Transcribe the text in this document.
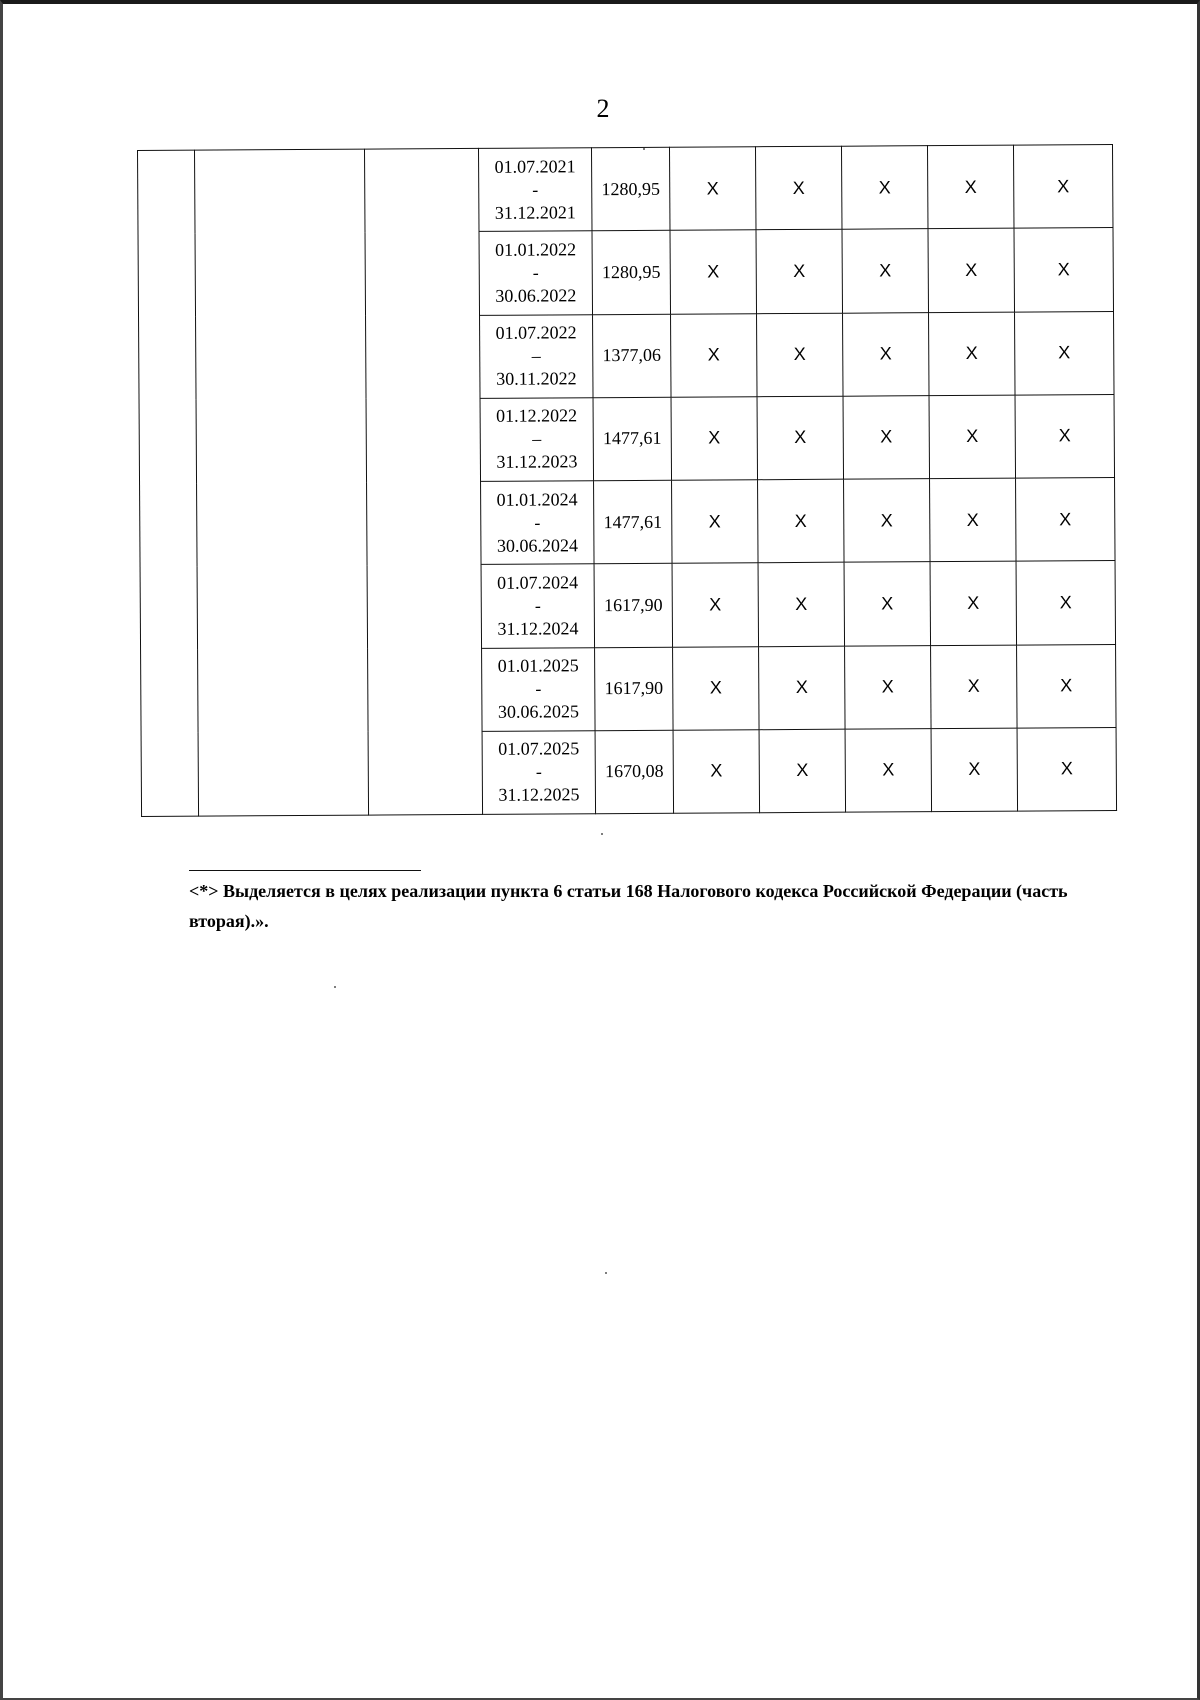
2

			01.07.2021
-
31.12.2021	1280,95	X	X	X	X	X

			01.01.2022
-
30.06.2022	1280,95	X	X	X	X	X

			01.07.2022
–
30.11.2022	1377,06	X	X	X	X	X

			01.12.2022
–
31.12.2023	1477,61	X	X	X	X	X

			01.01.2024
-
30.06.2024	1477,61	X	X	X	X	X

			01.07.2024
-
31.12.2024	1617,90	X	X	X	X	X

			01.01.2025
-
30.06.2025	1617,90	X	X	X	X	X

			01.07.2025
-
31.12.2025	1670,08	X	X	X	X	X
<*> Выделяется в целях реализации пункта 6 статьи 168 Налогового кодекса Российской Федерации (часть вторая).».
